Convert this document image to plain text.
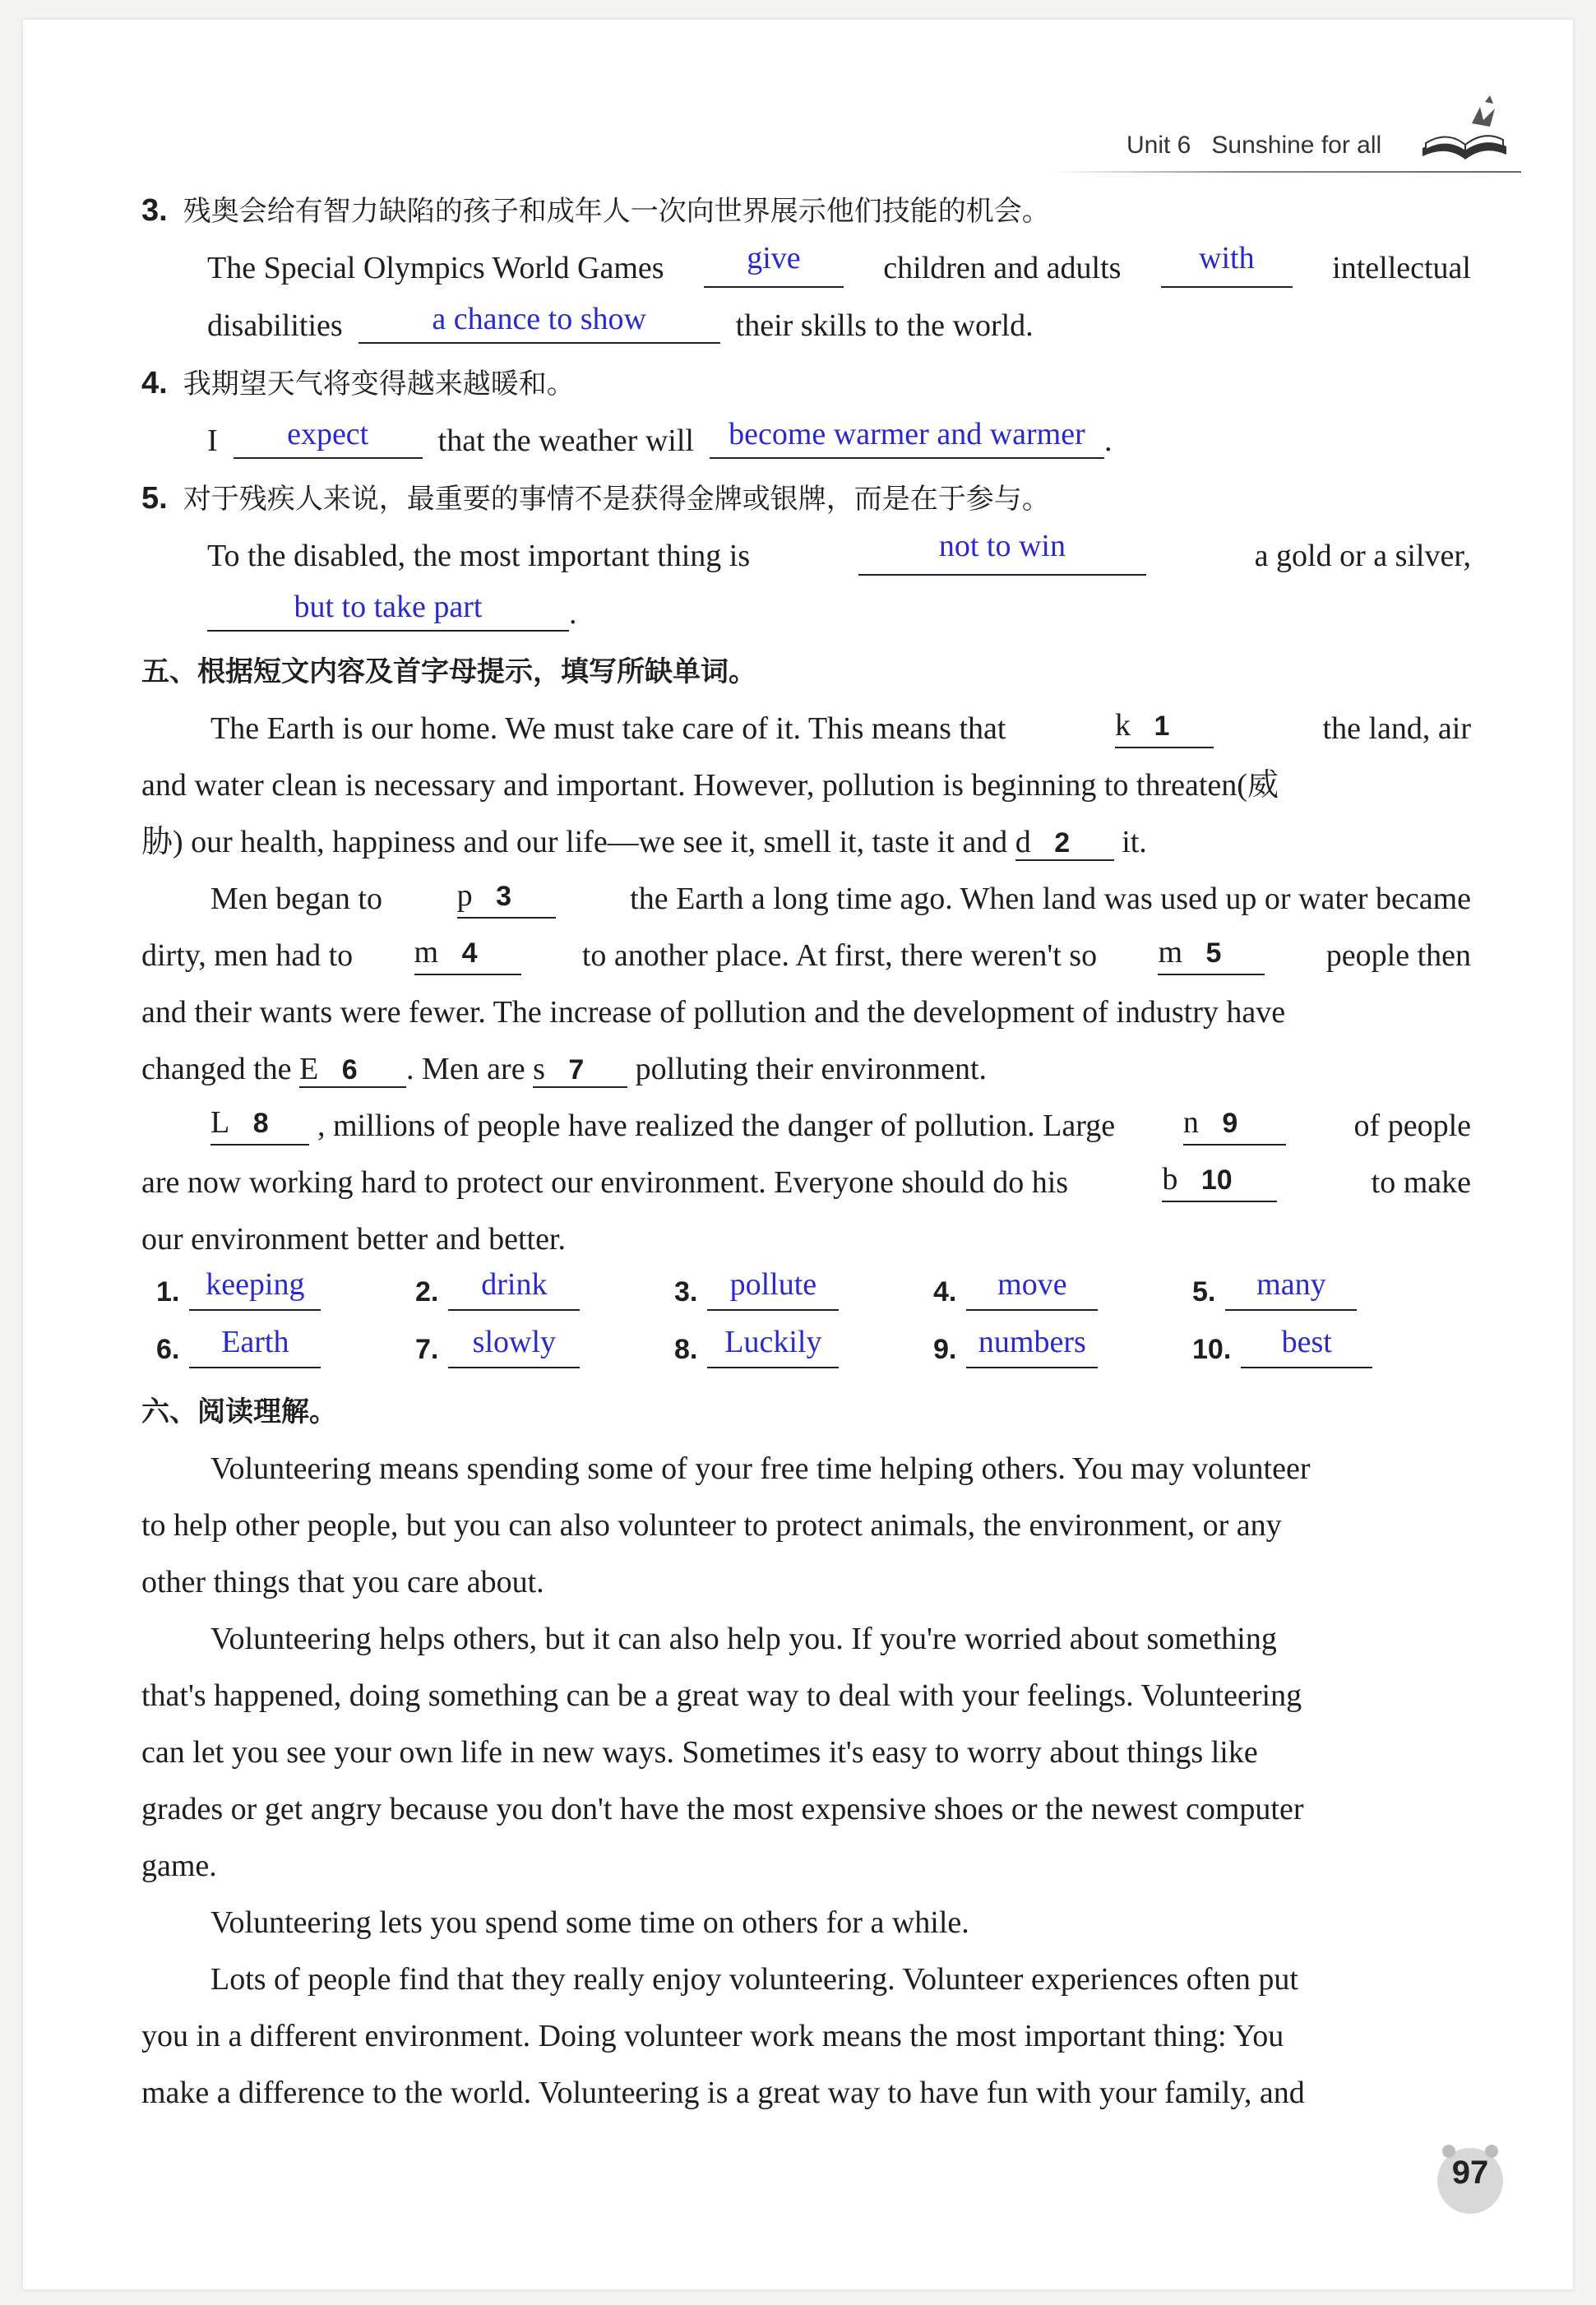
Unit 6 Sunshine for all
3. 残奥会给有智力缺陷的孩子和成年人一次向世界展示他们技能的机会。
The Special Olympics World Games	give	children and adults	with	intellectual
disabilities	a chance to show	their skills to the world.
4. 我期望天气将变得越来越暖和。
I expect that the weather will become warmer and warmer .
5. 对于残疾人来说，最重要的事情不是获得金牌或银牌，而是在于参与。
To the disabled, the most important thing is	not to win	a gold or a silver,
but to take part	.
五、根据短文内容及首字母提示，填写所缺单词。
The Earth is our home. We must take care of it. This means that	k 1	the land, air
and water clean is necessary and important. However, pollution is beginning to threaten(威
胁) our health, happiness and our life—we see it, smell it, taste it and d 2 it.
Men began to p 3	the Earth a long time ago. When land was used up or water became
dirty, men had to m 4	to another place. At first, there weren't so m 5	people then
and their wants were fewer. The increase of pollution and the development of industry have
changed the E 6 . Men are s 7 polluting their environment.
L 8	, millions of people have realized the danger of pollution. Large n 9	of people
are now working hard to protect our environment. Everyone should do his	b 10	to make
our environment better and better.
1. keeping	2. drink	3. pollute	4. move	5. many
6. Earth	7. slowly	8. Luckily	9. numbers	10. best
六、阅读理解。
Volunteering means spending some of your free time helping others. You may volunteer
to help other people, but you can also volunteer to protect animals, the environment, or any
other things that you care about.
Volunteering helps others, but it can also help you. If you're worried about something
that's happened, doing something can be a great way to deal with your feelings. Volunteering
can let you see your own life in new ways. Sometimes it's easy to worry about things like
grades or get angry because you don't have the most expensive shoes or the newest computer
game.
Volunteering lets you spend some time on others for a while.
Lots of people find that they really enjoy volunteering. Volunteer experiences often put
you in a different environment. Doing volunteer work means the most important thing: You
make a difference to the world. Volunteering is a great way to have fun with your family, and
97
